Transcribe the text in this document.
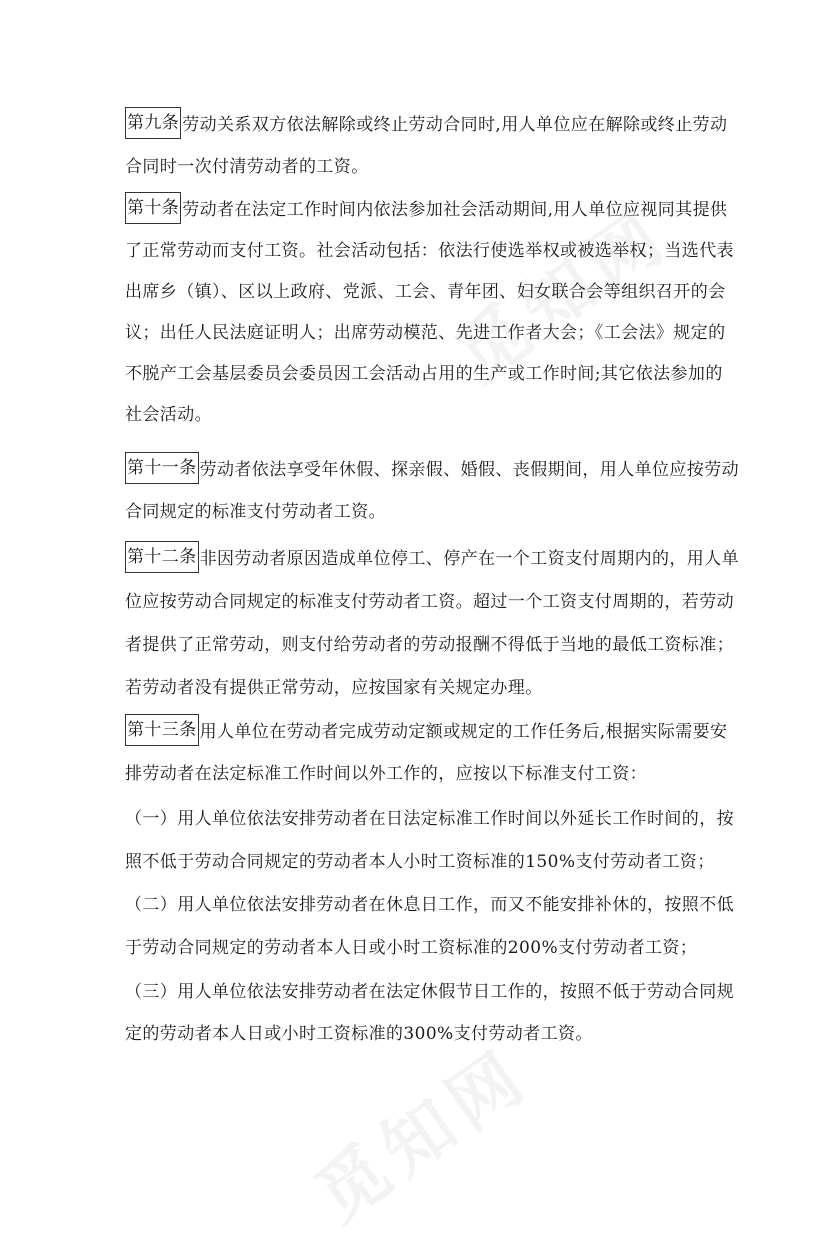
第九条 劳动关系双方依法解除或终止劳动合同时,用人单位应在解除或终止劳动
合同时一次付清劳动者的工资。
第十条 劳动者在法定工作时间内依法参加社会活动期间,用人单位应视同其提供
了正常劳动而支付工资。社会活动包括：依法行使选举权或被选举权；当选代表
出席乡（镇）、区以上政府、党派、工会、青年团、妇女联合会等组织召开的会
议；出任人民法庭证明人；出席劳动模范、先进工作者大会；《工会法》规定的
不脱产工会基层委员会委员因工会活动占用的生产或工作时间;其它依法参加的
社会活动。
第十一条 劳动者依法享受年休假、探亲假、婚假、丧假期间，用人单位应按劳动
合同规定的标准支付劳动者工资。
第十二条 非因劳动者原因造成单位停工、停产在一个工资支付周期内的，用人单
位应按劳动合同规定的标准支付劳动者工资。超过一个工资支付周期的，若劳动
者提供了正常劳动，则支付给劳动者的劳动报酬不得低于当地的最低工资标准；
若劳动者没有提供正常劳动，应按国家有关规定办理。
第十三条 用人单位在劳动者完成劳动定额或规定的工作任务后,根据实际需要安
排劳动者在法定标准工作时间以外工作的，应按以下标准支付工资：
（一）用人单位依法安排劳动者在日法定标准工作时间以外延长工作时间的，按
照不低于劳动合同规定的劳动者本人小时工资标准的150%支付劳动者工资；
（二）用人单位依法安排劳动者在休息日工作，而又不能安排补休的，按照不低
于劳动合同规定的劳动者本人日或小时工资标准的200%支付劳动者工资；
（三）用人单位依法安排劳动者在法定休假节日工作的，按照不低于劳动合同规
定的劳动者本人日或小时工资标准的300%支付劳动者工资。
